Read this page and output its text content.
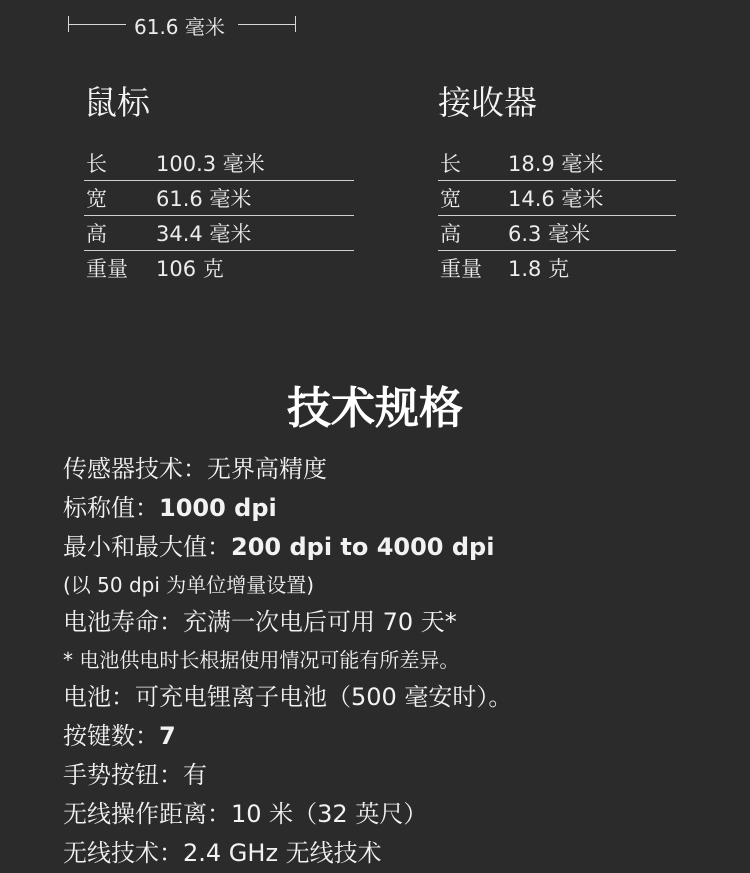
61.6 毫米
鼠标
长	100.3 毫米
宽	61.6 毫米
高	34.4 毫米
重量	106 克
接收器
长	18.9 毫米
宽	14.6 毫米
高	6.3 毫米
重量	1.8 克
技术规格
传感器技术：无界高精度
标称值：1000 dpi
最小和最大值：200 dpi to 4000 dpi
(以 50 dpi 为单位增量设置)
电池寿命：充满一次电后可用 70 天*
* 电池供电时长根据使用情况可能有所差异。
电池：可充电锂离子电池（500 毫安时）。
按键数：7
手势按钮：有
无线操作距离：10 米（32 英尺）
无线技术：2.4 GHz 无线技术
